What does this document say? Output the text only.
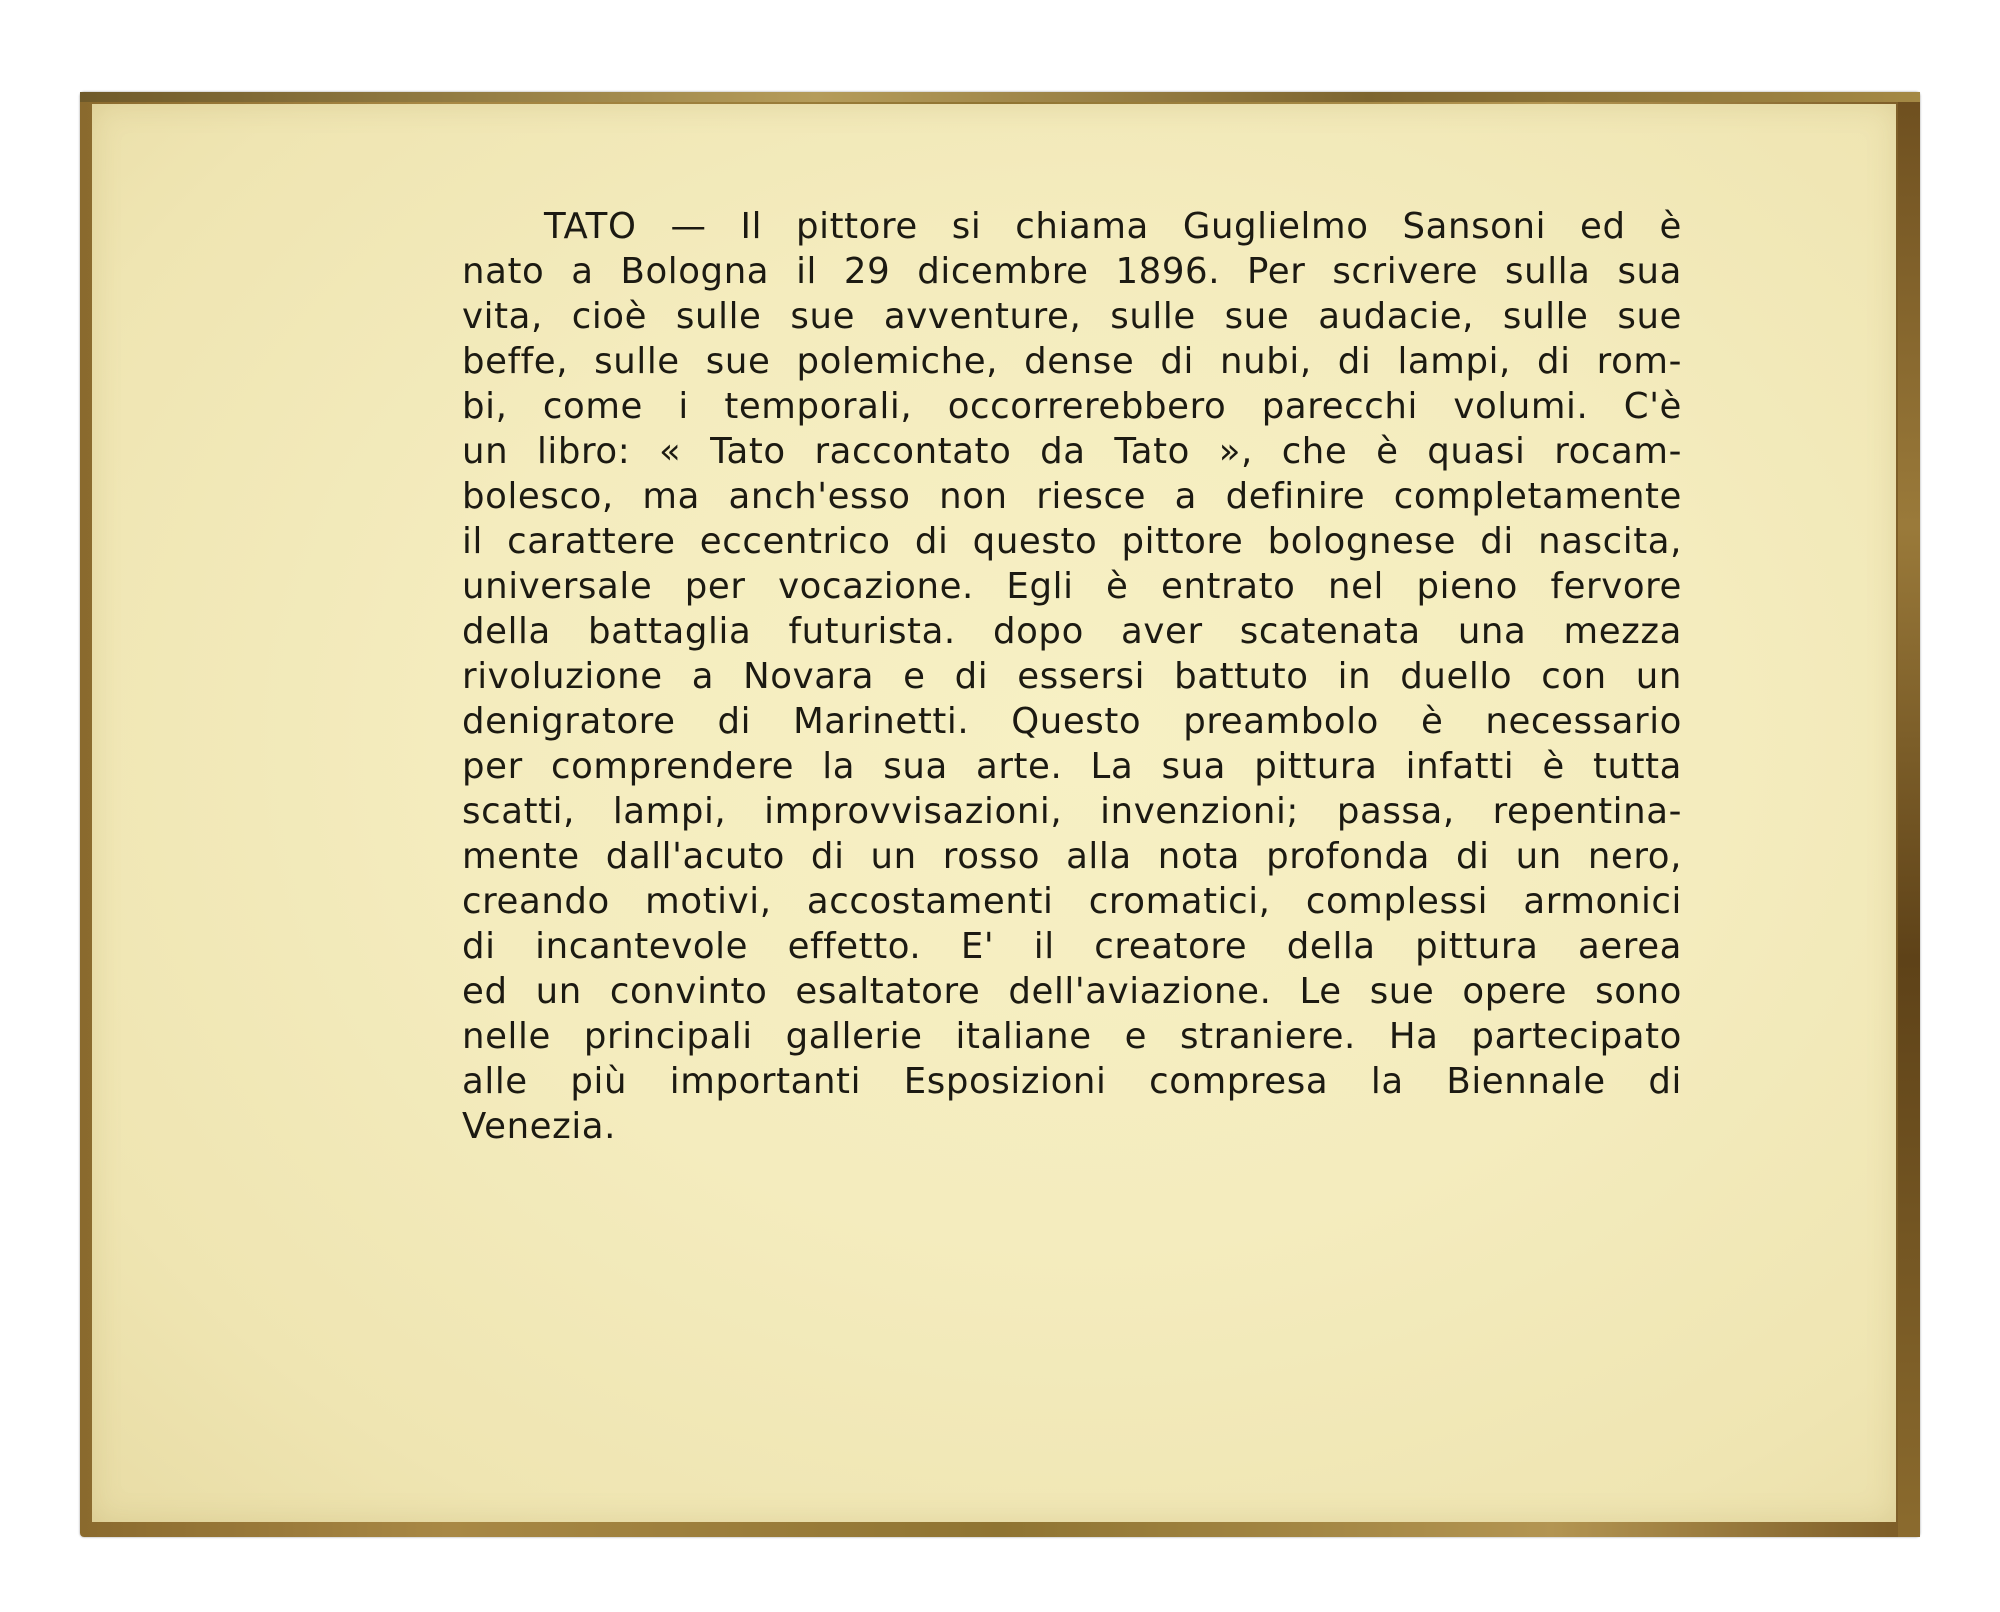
TATO — Il pittore si chiama Guglielmo Sansoni ed è
nato a Bologna il 29 dicembre 1896. Per scrivere sulla sua
vita, cioè sulle sue avventure, sulle sue audacie, sulle sue
beffe, sulle sue polemiche, dense di nubi, di lampi, di rom-
bi, come i temporali, occorrerebbero parecchi volumi. C'è
un libro: « Tato raccontato da Tato », che è quasi rocam-
bolesco, ma anch'esso non riesce a definire completamente
il carattere eccentrico di questo pittore bolognese di nascita,
universale per vocazione. Egli è entrato nel pieno fervore
della battaglia futurista. dopo aver scatenata una mezza
rivoluzione a Novara e di essersi battuto in duello con un
denigratore di Marinetti. Questo preambolo è necessario
per comprendere la sua arte. La sua pittura infatti è tutta
scatti, lampi, improvvisazioni, invenzioni; passa, repentina-
mente dall'acuto di un rosso alla nota profonda di un nero,
creando motivi, accostamenti cromatici, complessi armonici
di incantevole effetto. E' il creatore della pittura aerea
ed un convinto esaltatore dell'aviazione. Le sue opere sono
nelle principali gallerie italiane e straniere. Ha partecipato
alle più importanti Esposizioni compresa la Biennale di
Venezia.
